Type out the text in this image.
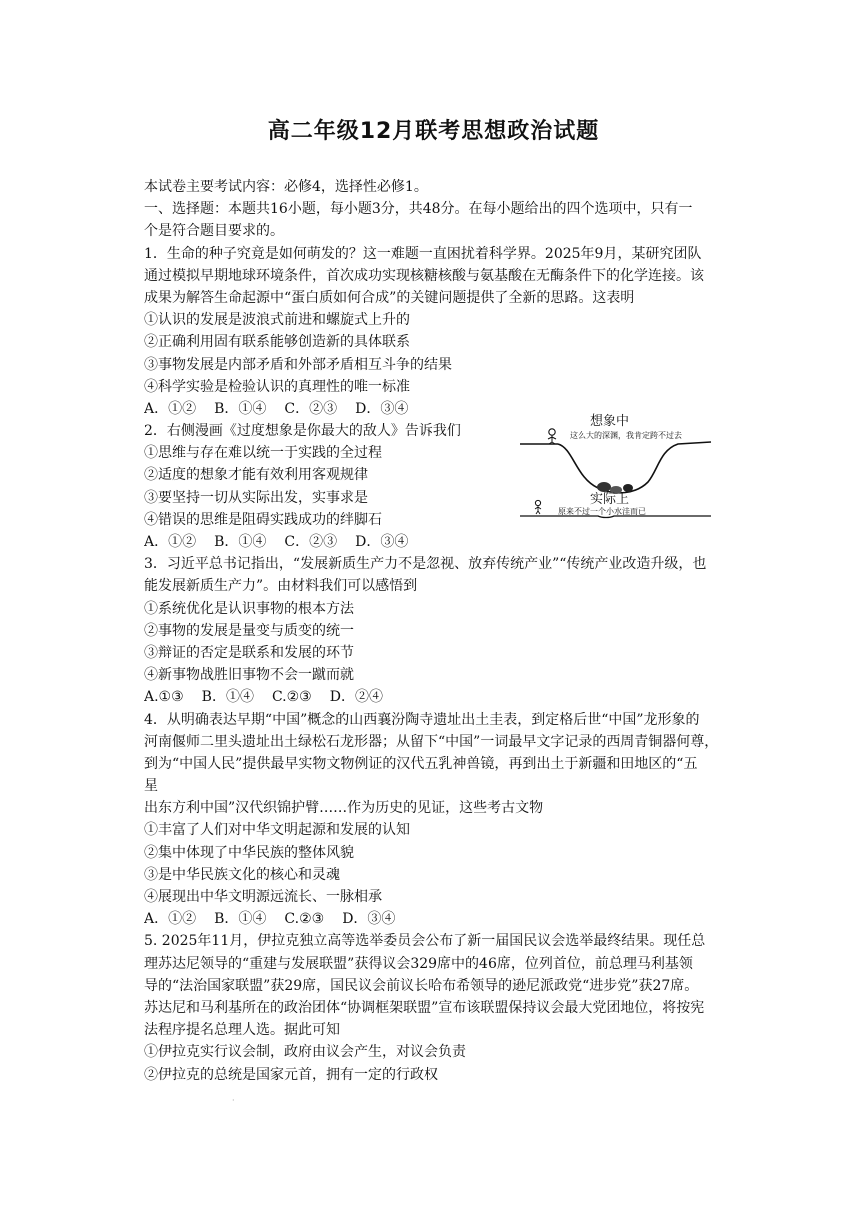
高二年级12月联考思想政治试题
本试卷主要考试内容：必修4，选择性必修1。
一、选择题：本题共16小题，每小题3分，共48分。在每小题给出的四个选项中，只有一
个是符合题目要求的。
1．生命的种子究竟是如何萌发的？这一难题一直困扰着科学界。2025年9月，某研究团队
通过模拟早期地球环境条件，首次成功实现核糖核酸与氨基酸在无酶条件下的化学连接。该
成果为解答生命起源中“蛋白质如何合成”的关键问题提供了全新的思路。这表明
①认识的发展是波浪式前进和螺旋式上升的
②正确利用固有联系能够创造新的具体联系
③事物发展是内部矛盾和外部矛盾相互斗争的结果
④科学实验是检验认识的真理性的唯一标准
A．①② B．①④ C．②③ D．③④
2．右侧漫画《过度想象是你最大的敌人》告诉我们
①思维与存在难以统一于实践的全过程
②适度的想象才能有效利用客观规律
③要坚持一切从实际出发，实事求是
④错误的思维是阻碍实践成功的绊脚石
A．①② B．①④ C．②③ D．③④
3．习近平总书记指出，“发展新质生产力不是忽视、放弃传统产业”“传统产业改造升级，也
能发展新质生产力”。由材料我们可以感悟到
①系统优化是认识事物的根本方法
②事物的发展是量变与质变的统一
③辩证的否定是联系和发展的环节
④新事物战胜旧事物不会一蹴而就
A.①③ B．①④ C.②③ D．②④
4．从明确表达早期“中国”概念的山西襄汾陶寺遗址出土圭表，到定格后世“中国”龙形象的
河南偃师二里头遗址出土绿松石龙形器；从留下“中国”一词最早文字记录的西周青铜器何尊，
到为“中国人民”提供最早实物文物例证的汉代五乳神兽镜，再到出土于新疆和田地区的“五
星
出东方利中国”汉代织锦护臂……作为历史的见证，这些考古文物
①丰富了人们对中华文明起源和发展的认知
②集中体现了中华民族的整体风貌
③是中华民族文化的核心和灵魂
④展现出中华文明源远流长、一脉相承
A．①② B．①④ C.②③ D．③④
5. 2025年11月，伊拉克独立高等选举委员会公布了新一届国民议会选举最终结果。现任总
理苏达尼领导的“重建与发展联盟”获得议会329席中的46席，位列首位，前总理马利基领
导的“法治国家联盟”获29席，国民议会前议长哈布希领导的逊尼派政党“进步党”获27席。
苏达尼和马利基所在的政治团体“协调框架联盟”宣布该联盟保持议会最大党团地位，将按宪
法程序提名总理人选。据此可知
①伊拉克实行议会制，政府由议会产生，对议会负责
②伊拉克的总统是国家元首，拥有一定的行政权
想象中
这么大的深渊，我肯定跨不过去
实际上
原来不过一个小水洼而已
·
